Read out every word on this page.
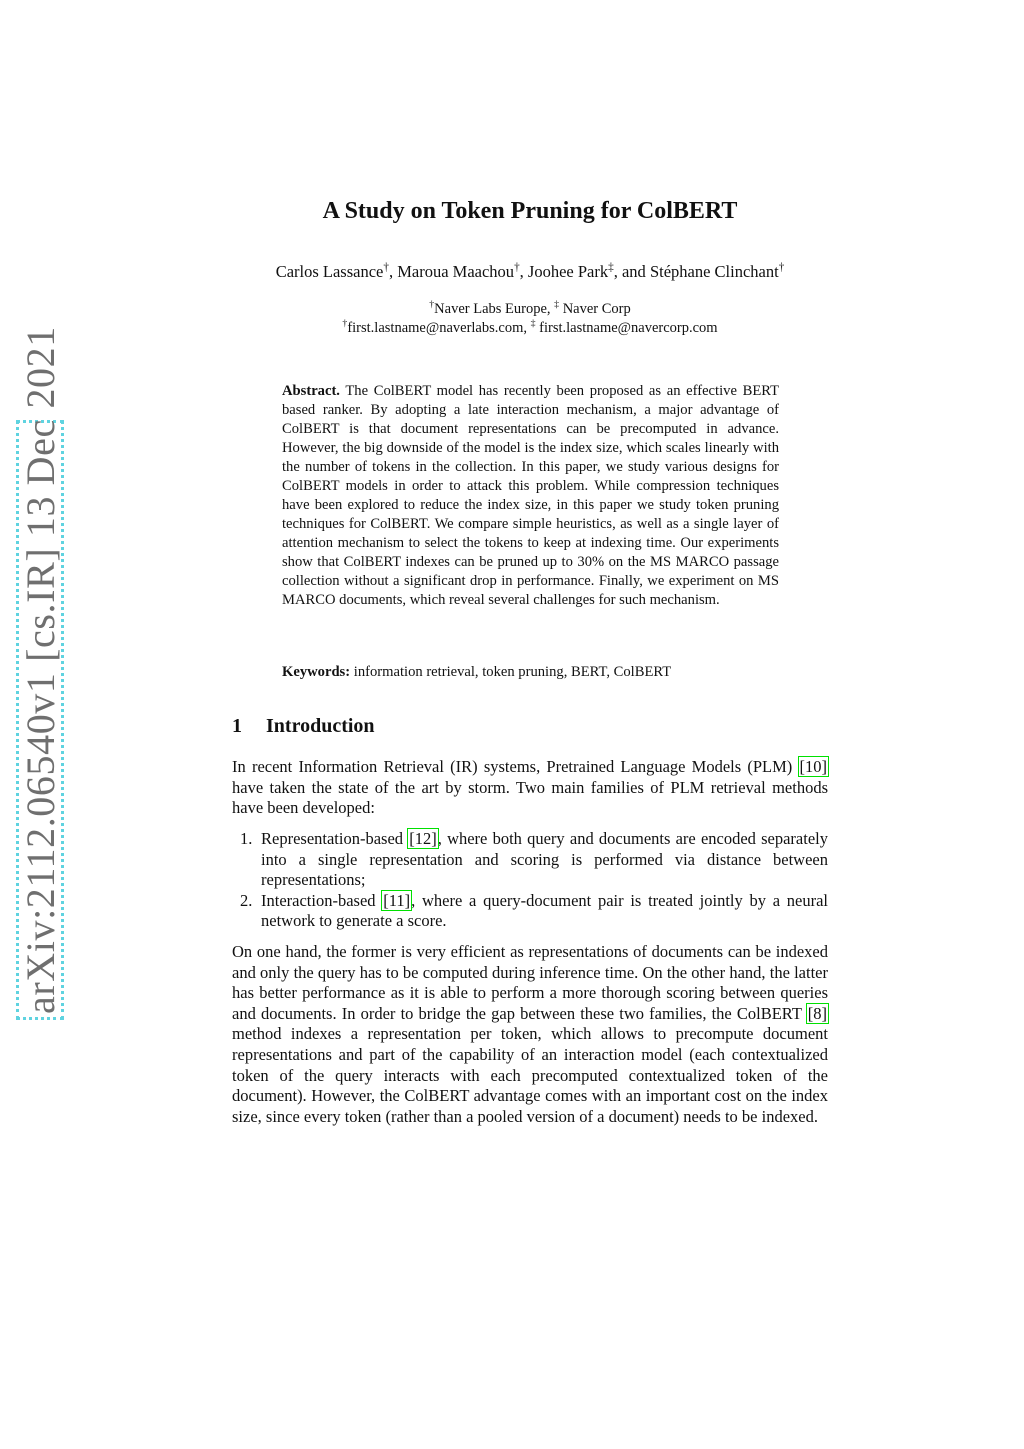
arXiv:2112.06540v1 [cs.IR] 13 Dec 2021
A Study on Token Pruning for ColBERT
Carlos Lassance†, Maroua Maachou†, Joohee Park‡, and Stéphane Clinchant†
†Naver Labs Europe, ‡ Naver Corp
†first.lastname@naverlabs.com, ‡ first.lastname@navercorp.com
Abstract. The ColBERT model has recently been proposed as an effective BERT based ranker. By adopting a late interaction mechanism, a major advantage of ColBERT is that document representations can be precomputed in advance. However, the big downside of the model is the index size, which scales linearly with the number of tokens in the collection. In this paper, we study various designs for ColBERT models in order to attack this problem. While compression techniques have been explored to reduce the index size, in this paper we study token pruning techniques for ColBERT. We compare simple heuristics, as well as a single layer of attention mechanism to select the tokens to keep at indexing time. Our experiments show that ColBERT indexes can be pruned up to 30% on the MS MARCO passage collection without a significant drop in performance. Finally, we experiment on MS MARCO documents, which reveal several challenges for such mechanism.
Keywords: information retrieval, token pruning, BERT, ColBERT
1 Introduction

In recent Information Retrieval (IR) systems, Pretrained Language Models (PLM) [10] have taken the state of the art by storm. Two main families of PLM retrieval methods have been developed:

1. Representation-based [12], where both query and documents are encoded separately into a single representation and scoring is performed via distance between representations;
2. Interaction-based [11], where a query-document pair is treated jointly by a neural network to generate a score.

On one hand, the former is very efficient as representations of documents can be indexed and only the query has to be computed during inference time. On the other hand, the latter has better performance as it is able to perform a more thorough scoring between queries and documents. In order to bridge the gap between these two families, the ColBERT [8] method indexes a representation per token, which allows to precompute document representations and part of the capability of an interaction model (each contextualized token of the query interacts with each precomputed contextualized token of the document). However, the ColBERT advantage comes with an important cost on the index size, since every token (rather than a pooled version of a document) needs to be indexed.
